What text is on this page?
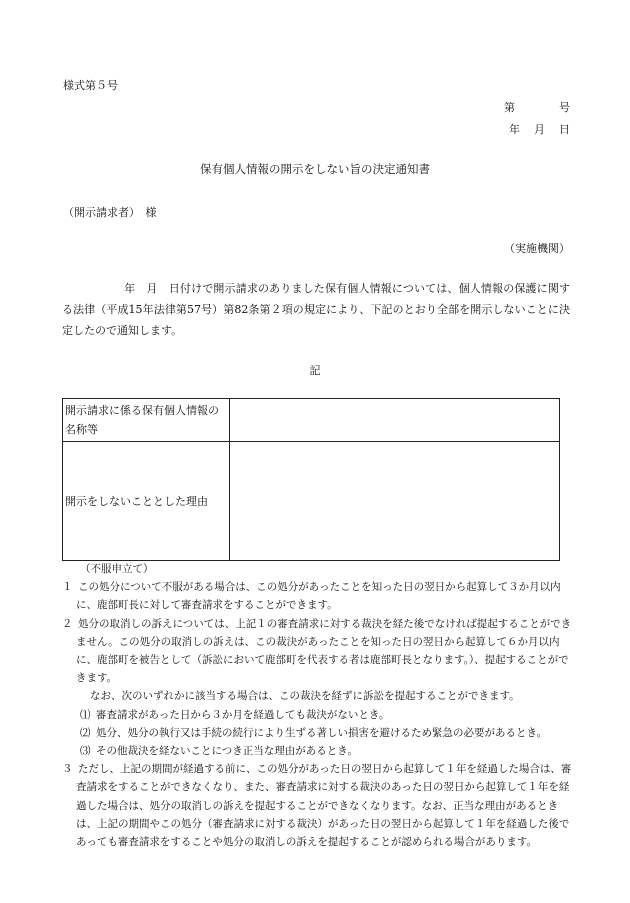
様式第５号
第	号
年 月 日
保有個人情報の開示をしない旨の決定通知書
（開示請求者）　様
（実施機関）
年　月　日付けで開示請求のありました保有個人情報については、個人情報の保護に関する法律（平成15年法律第57号）第82条第２項の規定により、下記のとおり全部を開示しないことに決定したので通知します。
記
開示請求に係る保有個人情報の名称等	
開示をしないこととした理由	

（不服申立て）

１ この処分について不服がある場合は、この処分があったことを知った日の翌日から起算して３か月以内に、鹿部町長に対して審査請求をすることができます。

２ 処分の取消しの訴えについては、上記１の審査請求に対する裁決を経た後でなければ提起することができません。この処分の取消しの訴えは、この裁決があったことを知った日の翌日から起算して６か月以内に、鹿部町を被告として（訴訟において鹿部町を代表する者は鹿部町長となります。）、提起することができます。

なお、次のいずれかに該当する場合は、この裁決を経ずに訴訟を提起することができます。

⑴ 審査請求があった日から３か月を経過しても裁決がないとき。

⑵ 処分、処分の執行又は手続の続行により生ずる著しい損害を避けるため緊急の必要があるとき。

⑶ その他裁決を経ないことにつき正当な理由があるとき。

３ ただし、上記の期間が経過する前に、この処分があった日の翌日から起算して１年を経過した場合は、審査請求をすることができなくなり、また、審査請求に対する裁決のあった日の翌日から起算して１年を経過した場合は、処分の取消しの訴えを提起することができなくなります。なお、正当な理由があるときは、上記の期間やこの処分（審査請求に対する裁決）があった日の翌日から起算して１年を経過した後であっても審査請求をすることや処分の取消しの訴えを提起することが認められる場合があります。
